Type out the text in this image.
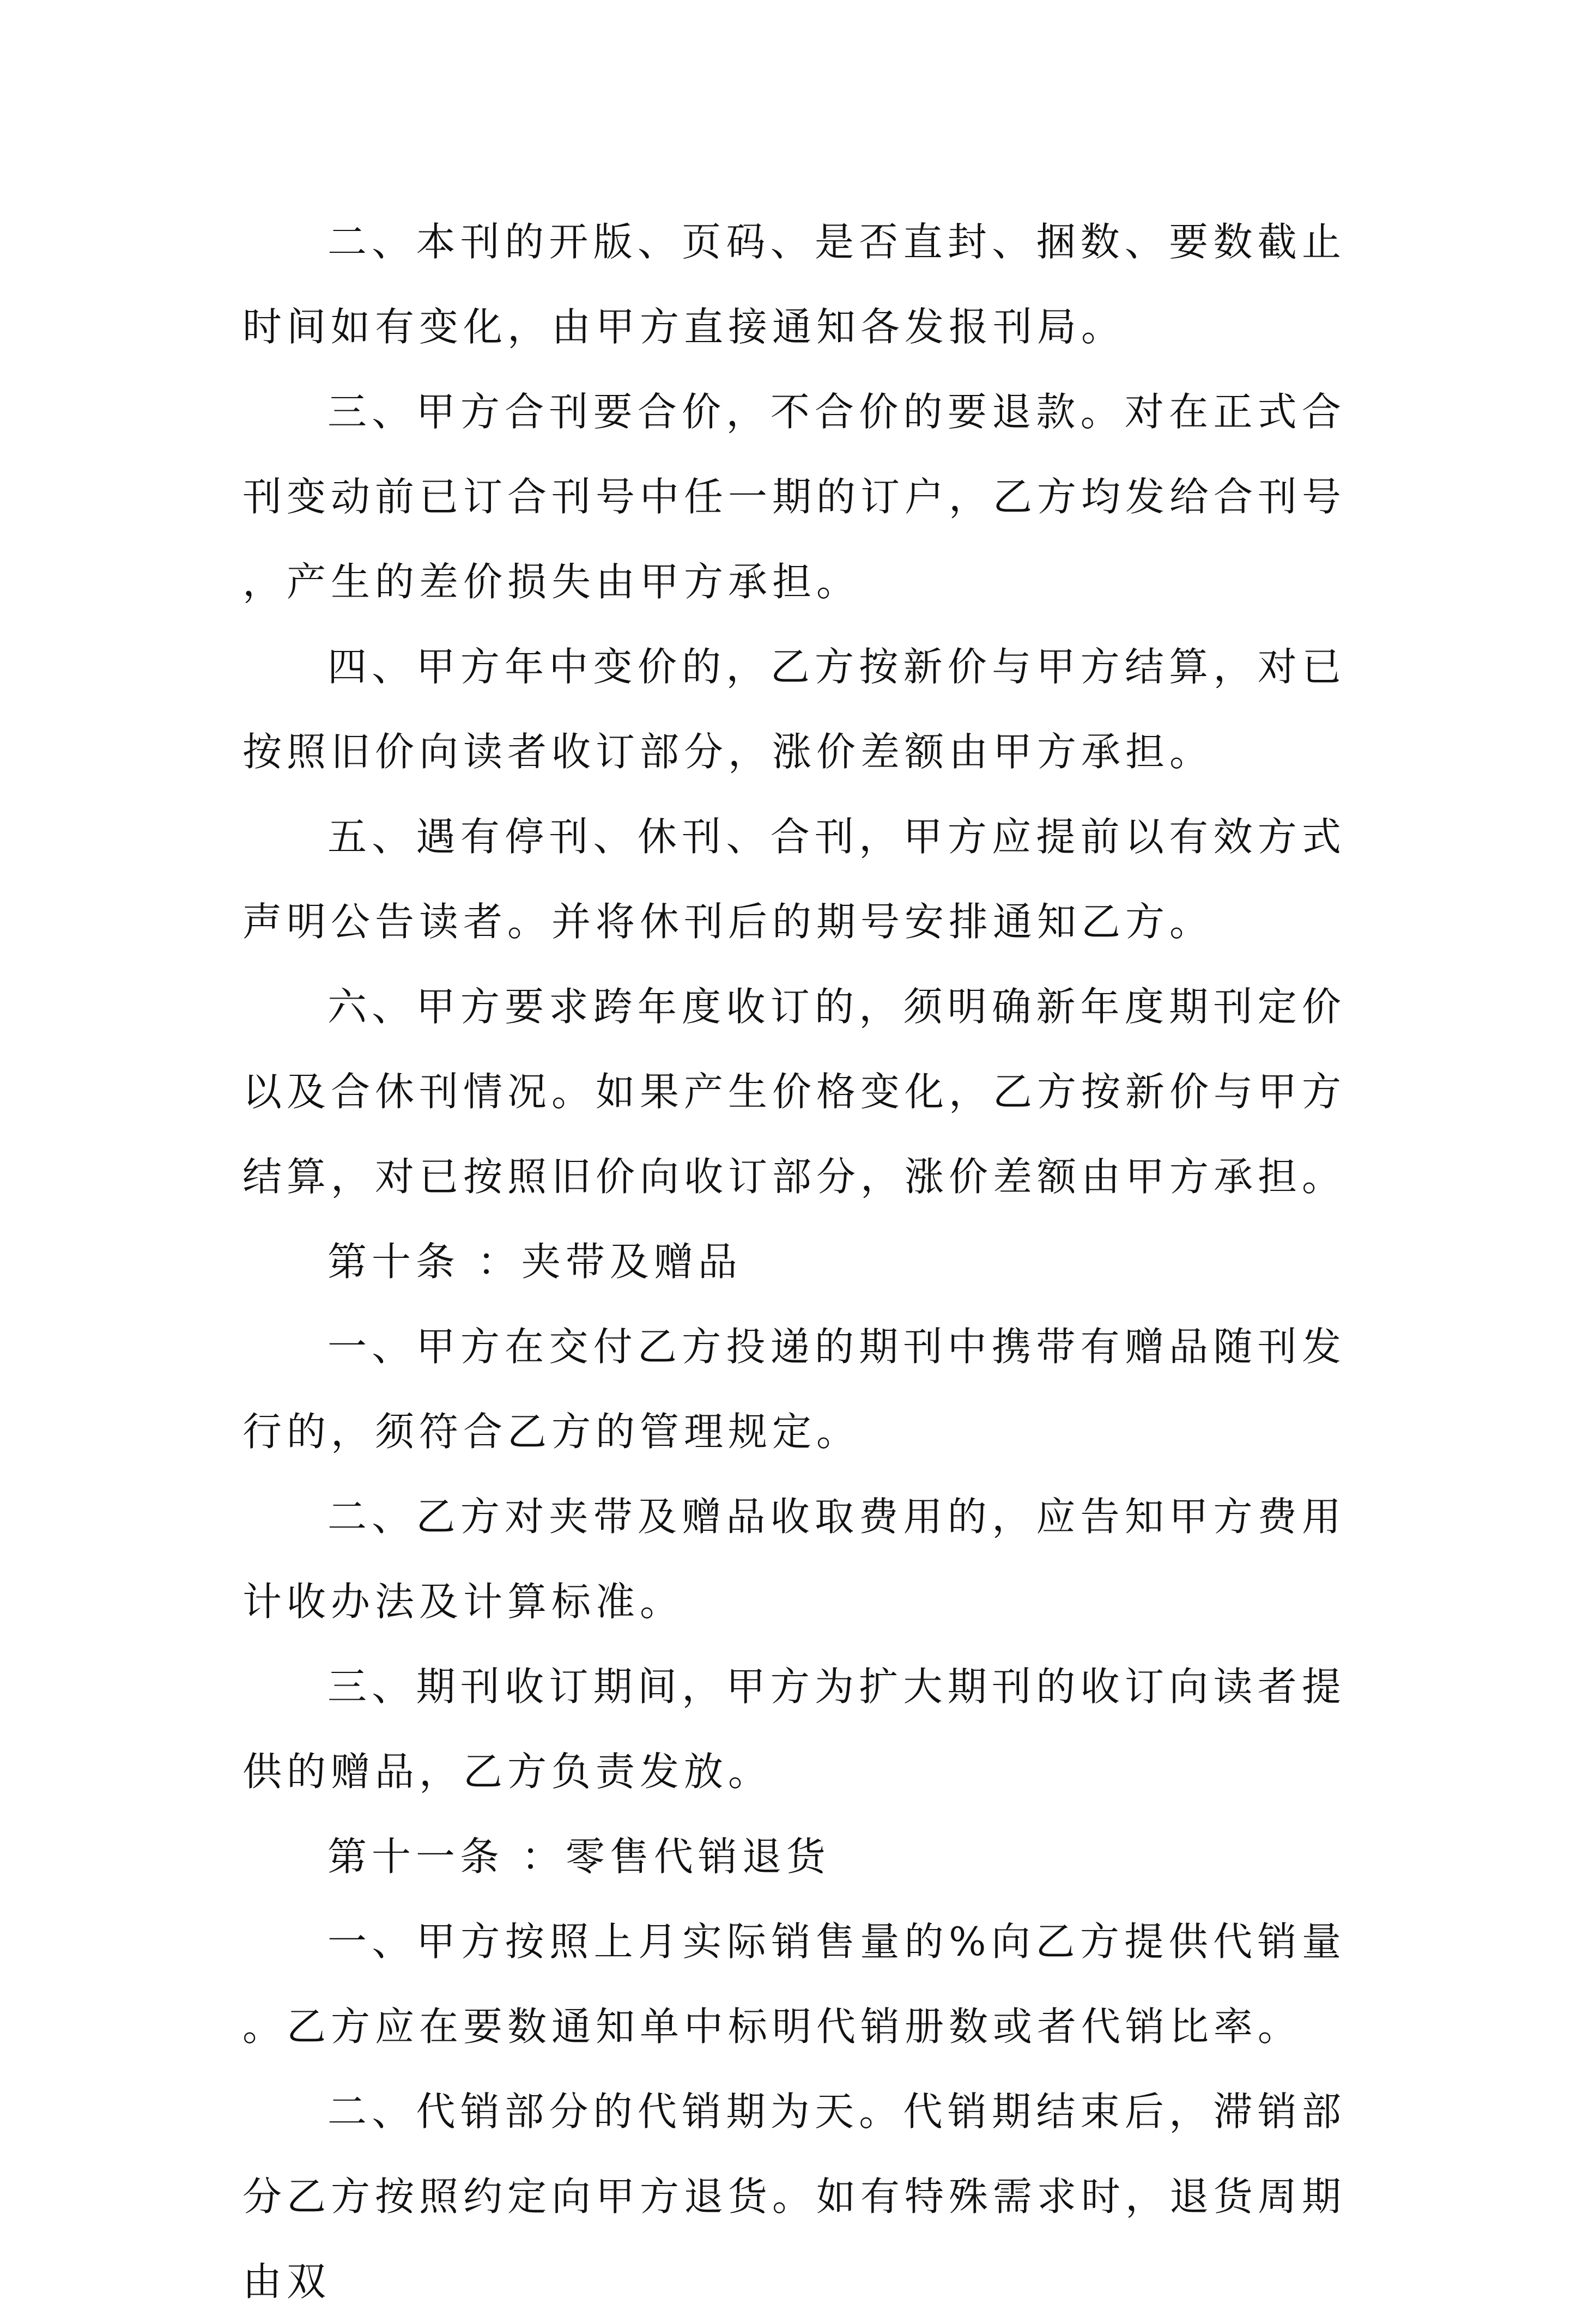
二、本刊的开版、页码、是否直封、捆数、要数截止时间如有变化，由甲方直接通知各发报刊局。

三、甲方合刊要合价，不合价的要退款。对在正式合刊变动前已订合刊号中任一期的订户，乙方均发给合刊号，产生的差价损失由甲方承担。

四、甲方年中变价的，乙方按新价与甲方结算，对已按照旧价向读者收订部分，涨价差额由甲方承担。

五、遇有停刊、休刊、合刊，甲方应提前以有效方式声明公告读者。并将休刊后的期号安排通知乙方。

六、甲方要求跨年度收订的，须明确新年度期刊定价以及合休刊情况。如果产生价格变化，乙方按新价与甲方结算，对已按照旧价向收订部分，涨价差额由甲方承担。

第十条 ：夹带及赠品

一、甲方在交付乙方投递的期刊中携带有赠品随刊发行的，须符合乙方的管理规定。

二、乙方对夹带及赠品收取费用的，应告知甲方费用计收办法及计算标准。

三、期刊收订期间，甲方为扩大期刊的收订向读者提供的赠品，乙方负责发放。

第十一条 ：零售代销退货

一、甲方按照上月实际销售量的%向乙方提供代销量。乙方应在要数通知单中标明代销册数或者代销比率。

二、代销部分的代销期为天。代销期结束后，滞销部分乙方按照约定向甲方退货。如有特殊需求时，退货周期由双
